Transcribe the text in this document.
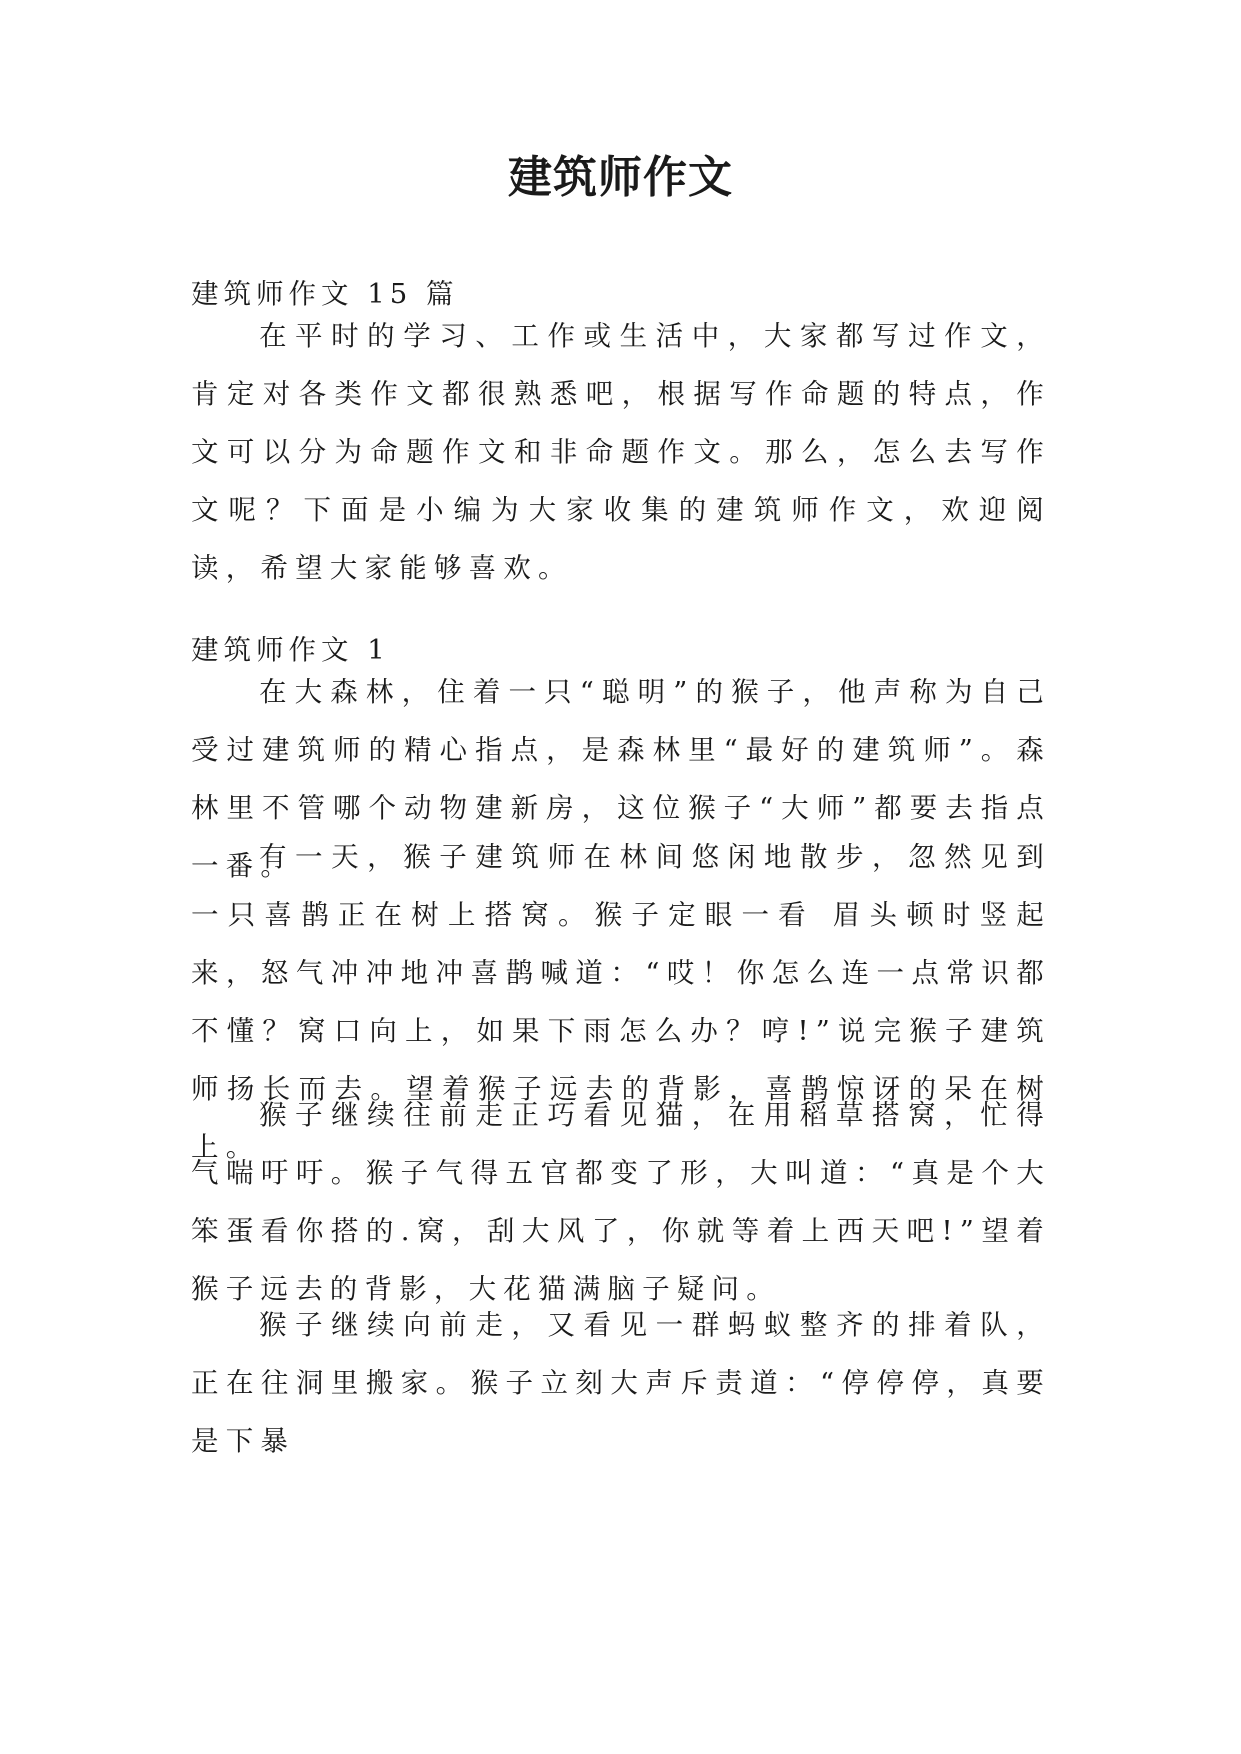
建筑师作文
建筑师作文 15 篇
在平时的学习、工作或生活中，大家都写过作文，肯定对各类作文都很熟悉吧，根据写作命题的特点，作文可以分为命题作文和非命题作文。那么，怎么去写作文呢？下面是小编为大家收集的建筑师作文，欢迎阅读，希望大家能够喜欢。
建筑师作文 1
在大森林，住着一只“聪明”的猴子，他声称为自己受过建筑师的精心指点，是森林里“最好的建筑师”。森林里不管哪个动物建新房，这位猴子“大师”都要去指点一番。
有一天，猴子建筑师在林间悠闲地散步，忽然见到一只喜鹊正在树上搭窝。猴子定眼一看 眉头顿时竖起来，怒气冲冲地冲喜鹊喊道：“哎！你怎么连一点常识都不懂？窝口向上，如果下雨怎么办？哼!”说完猴子建筑师扬长而去。望着猴子远去的背影，喜鹊惊讶的呆在树上。
猴子继续往前走正巧看见猫，在用稻草搭窝，忙得气喘吁吁。猴子气得五官都变了形，大叫道：“真是个大笨蛋看你搭的.窝，刮大风了，你就等着上西天吧!”望着猴子远去的背影，大花猫满脑子疑问。
猴子继续向前走，又看见一群蚂蚁整齐的排着队，正在往洞里搬家。猴子立刻大声斥责道：“停停停，真要是下暴
